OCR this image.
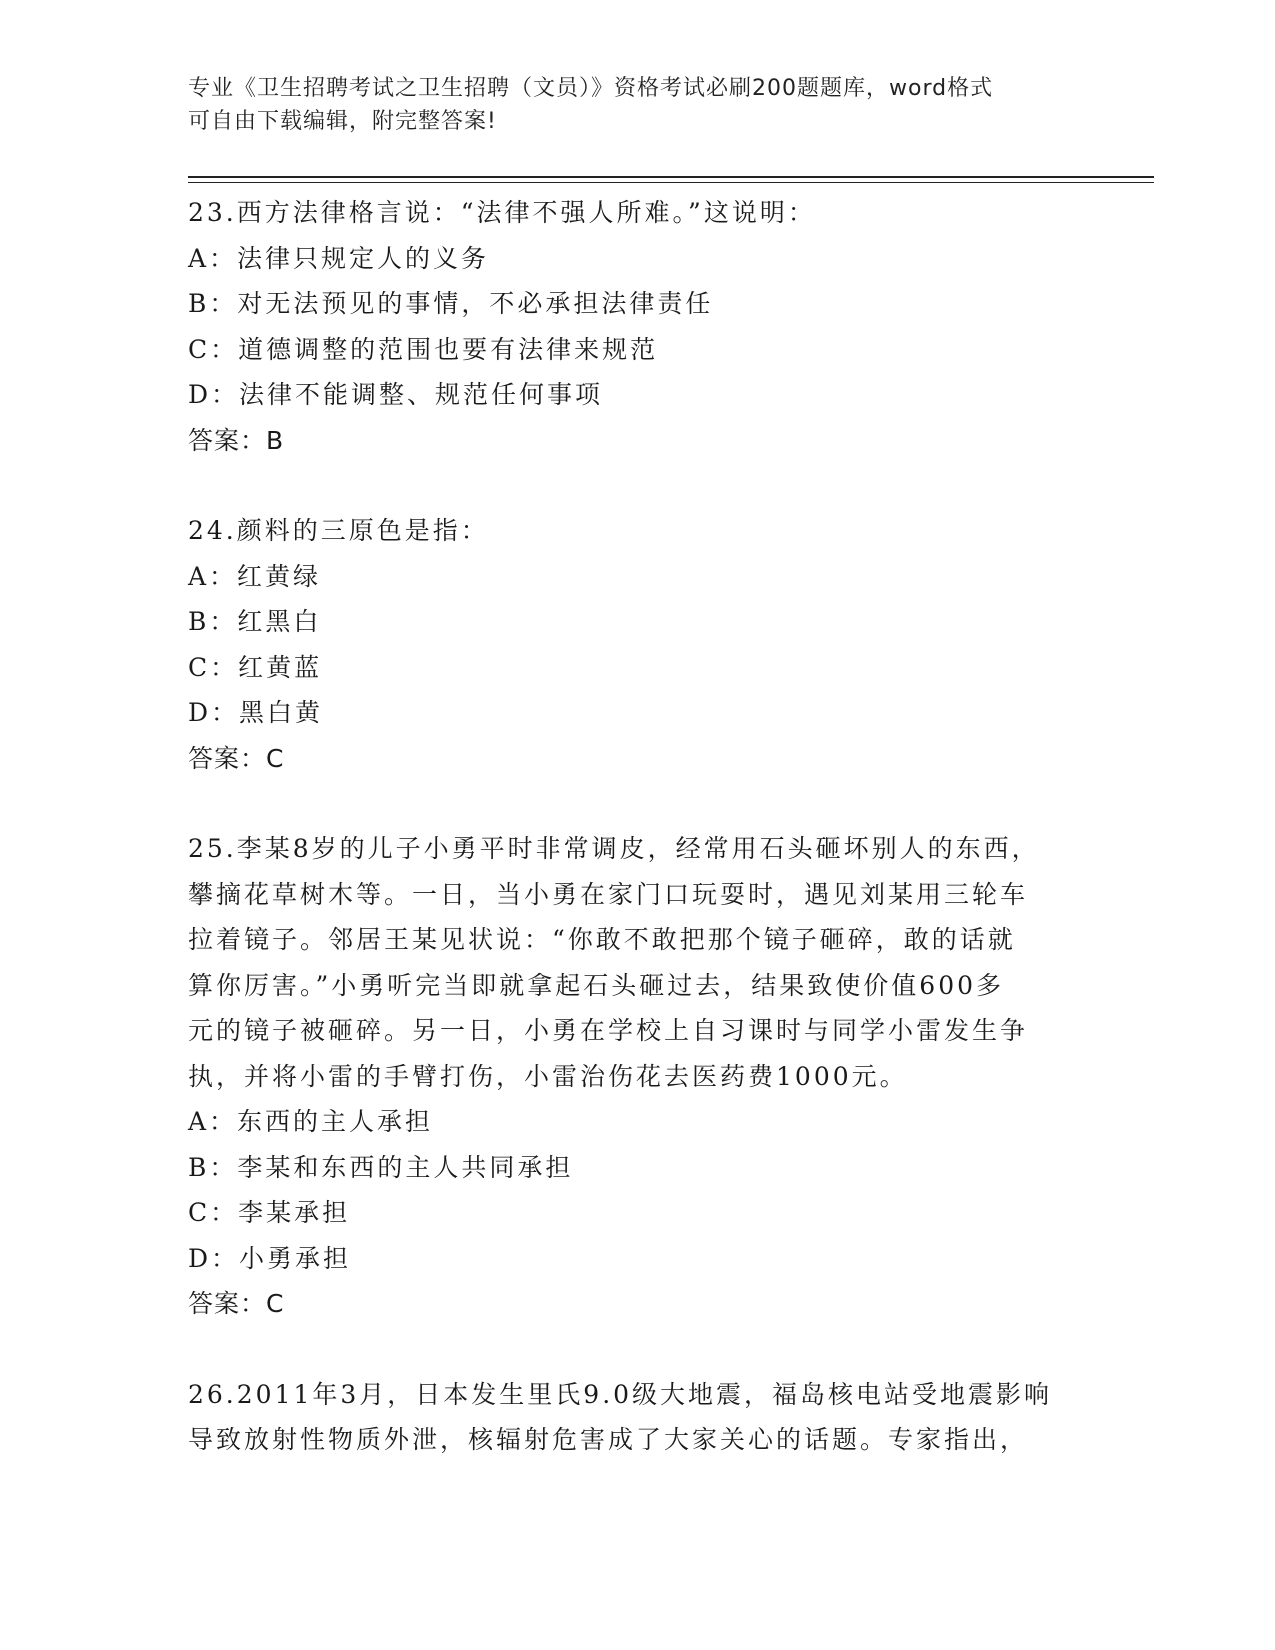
专业《卫生招聘考试之卫生招聘（文员）》资格考试必刷200题题库，word格式
可自由下载编辑，附完整答案!

23.西方法律格言说：“法律不强人所难。”这说明：

A：法律只规定人的义务

B：对无法预见的事情，不必承担法律责任

C：道德调整的范围也要有法律来规范

D：法律不能调整、规范任何事项

答案：B

24.颜料的三原色是指：

A：红黄绿

B：红黑白

C：红黄蓝

D：黑白黄

答案：C

25.李某8岁的儿子小勇平时非常调皮，经常用石头砸坏别人的东西，

攀摘花草树木等。一日，当小勇在家门口玩耍时，遇见刘某用三轮车

拉着镜子。邻居王某见状说：“你敢不敢把那个镜子砸碎，敢的话就

算你厉害。”小勇听完当即就拿起石头砸过去，结果致使价值600多

元的镜子被砸碎。另一日，小勇在学校上自习课时与同学小雷发生争

执，并将小雷的手臂打伤，小雷治伤花去医药费1000元。

A：东西的主人承担

B：李某和东西的主人共同承担

C：李某承担

D：小勇承担

答案：C

26.2011年3月，日本发生里氏9.0级大地震，福岛核电站受地震影响

导致放射性物质外泄，核辐射危害成了大家关心的话题。专家指出，
